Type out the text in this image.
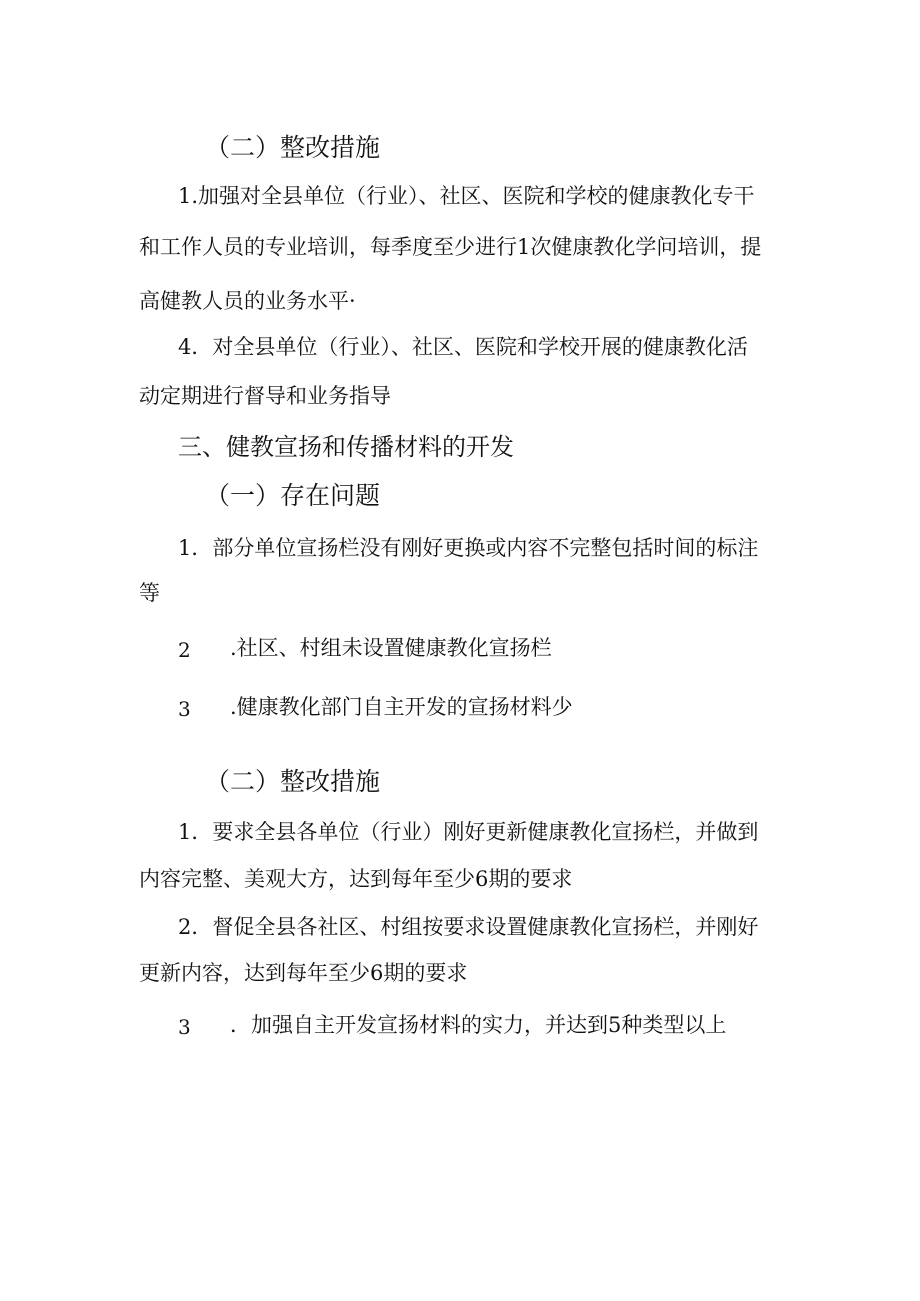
（二）整改措施
1.加强对全县单位（行业）、社区、医院和学校的健康教化专干
和工作人员的专业培训，每季度至少进行1次健康教化学问培训，提
高健教人员的业务水平·
4．对全县单位（行业）、社区、医院和学校开展的健康教化活
动定期进行督导和业务指导
三、健教宣扬和传播材料的开发
（一）存在问题
1．部分单位宣扬栏没有刚好更换或内容不完整包括时间的标注
等
2 .社区、村组未设置健康教化宣扬栏
3 .健康教化部门自主开发的宣扬材料少
（二）整改措施
1．要求全县各单位（行业）刚好更新健康教化宣扬栏，并做到
内容完整、美观大方，达到每年至少6期的要求
2．督促全县各社区、村组按要求设置健康教化宣扬栏，并刚好
更新内容，达到每年至少6期的要求
3 ．加强自主开发宣扬材料的实力，并达到5种类型以上
